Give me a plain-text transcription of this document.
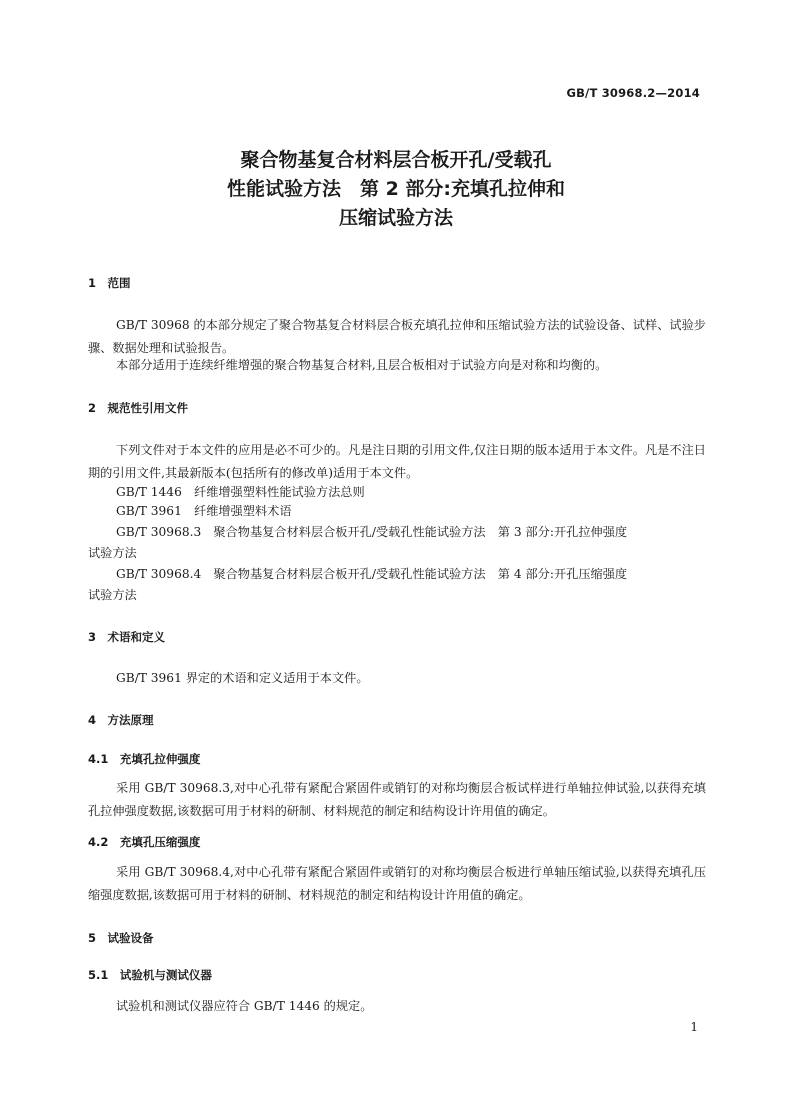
GB/T 30968.2—2014
聚合物基复合材料层合板开孔/受载孔
性能试验方法　第 2 部分:充填孔拉伸和
压缩试验方法
1　范围
GB/T 30968 的本部分规定了聚合物基复合材料层合板充填孔拉伸和压缩试验方法的试验设备、试样、试验步骤、数据处理和试验报告。
本部分适用于连续纤维增强的聚合物基复合材料,且层合板相对于试验方向是对称和均衡的。
2　规范性引用文件
下列文件对于本文件的应用是必不可少的。凡是注日期的引用文件,仅注日期的版本适用于本文件。凡是不注日期的引用文件,其最新版本(包括所有的修改单)适用于本文件。
GB/T 1446　纤维增强塑料性能试验方法总则
GB/T 3961　纤维增强塑料术语
GB/T 30968.3　聚合物基复合材料层合板开孔/受载孔性能试验方法　第 3 部分:开孔拉伸强度
试验方法
GB/T 30968.4　聚合物基复合材料层合板开孔/受载孔性能试验方法　第 4 部分:开孔压缩强度
试验方法
3　术语和定义
GB/T 3961 界定的术语和定义适用于本文件。
4　方法原理
4.1　充填孔拉伸强度
采用 GB/T 30968.3,对中心孔带有紧配合紧固件或销钉的对称均衡层合板试样进行单轴拉伸试验,以获得充填孔拉伸强度数据,该数据可用于材料的研制、材料规范的制定和结构设计许用值的确定。
4.2　充填孔压缩强度
采用 GB/T 30968.4,对中心孔带有紧配合紧固件或销钉的对称均衡层合板进行单轴压缩试验,以获得充填孔压缩强度数据,该数据可用于材料的研制、材料规范的制定和结构设计许用值的确定。
5　试验设备
5.1　试验机与测试仪器
试验机和测试仪器应符合 GB/T 1446 的规定。
1
